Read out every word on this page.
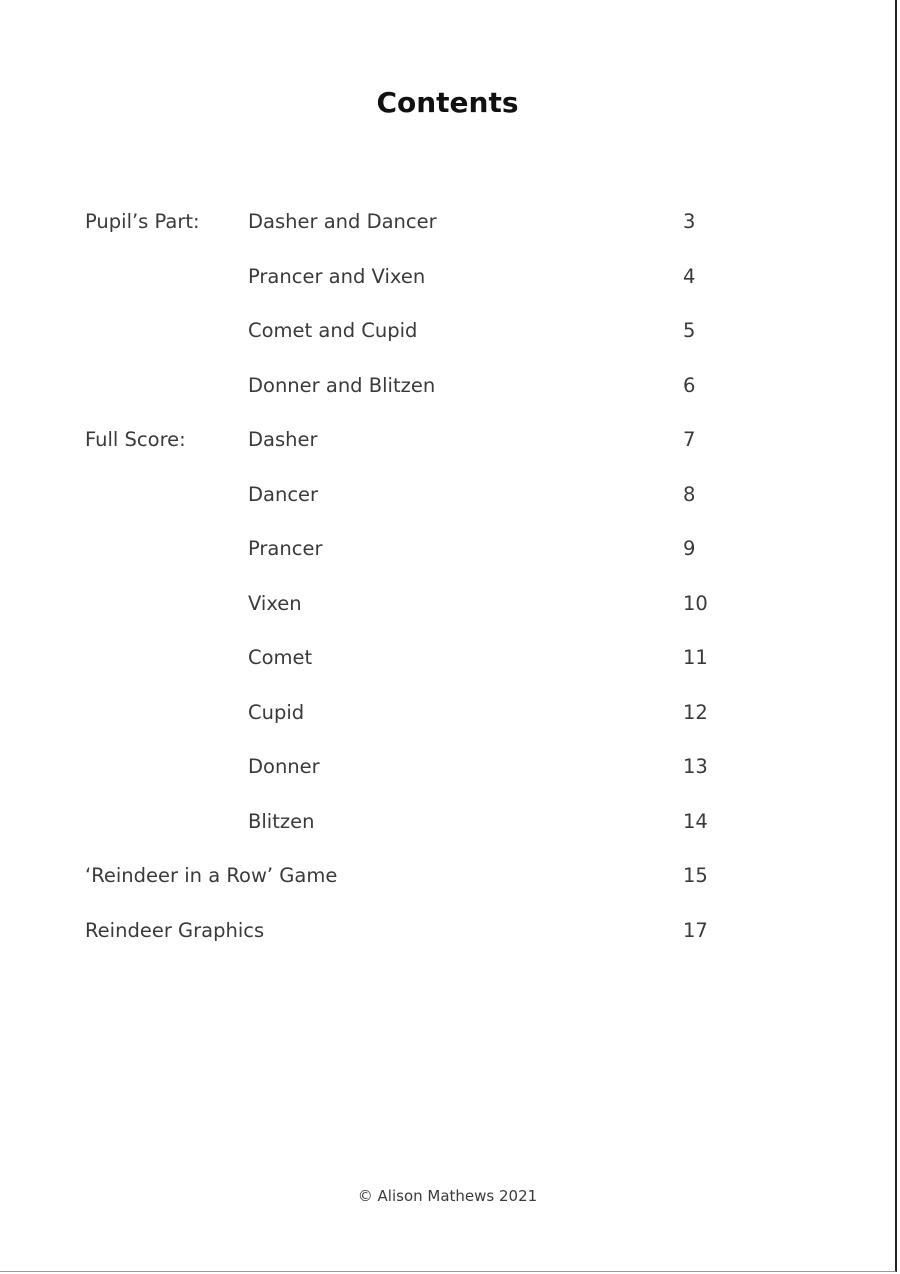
Contents
Pupil’s Part: Dasher and Dancer	3
Prancer and Vixen	4
Comet and Cupid	5
Donner and Blitzen	6
Full Score:	Dasher	7
Dancer	8
Prancer	9
Vixen	10
Comet	11
Cupid	12
Donner	13
Blitzen	14
‘Reindeer in a Row’ Game	15
Reindeer Graphics	17
© Alison Mathews 2021
